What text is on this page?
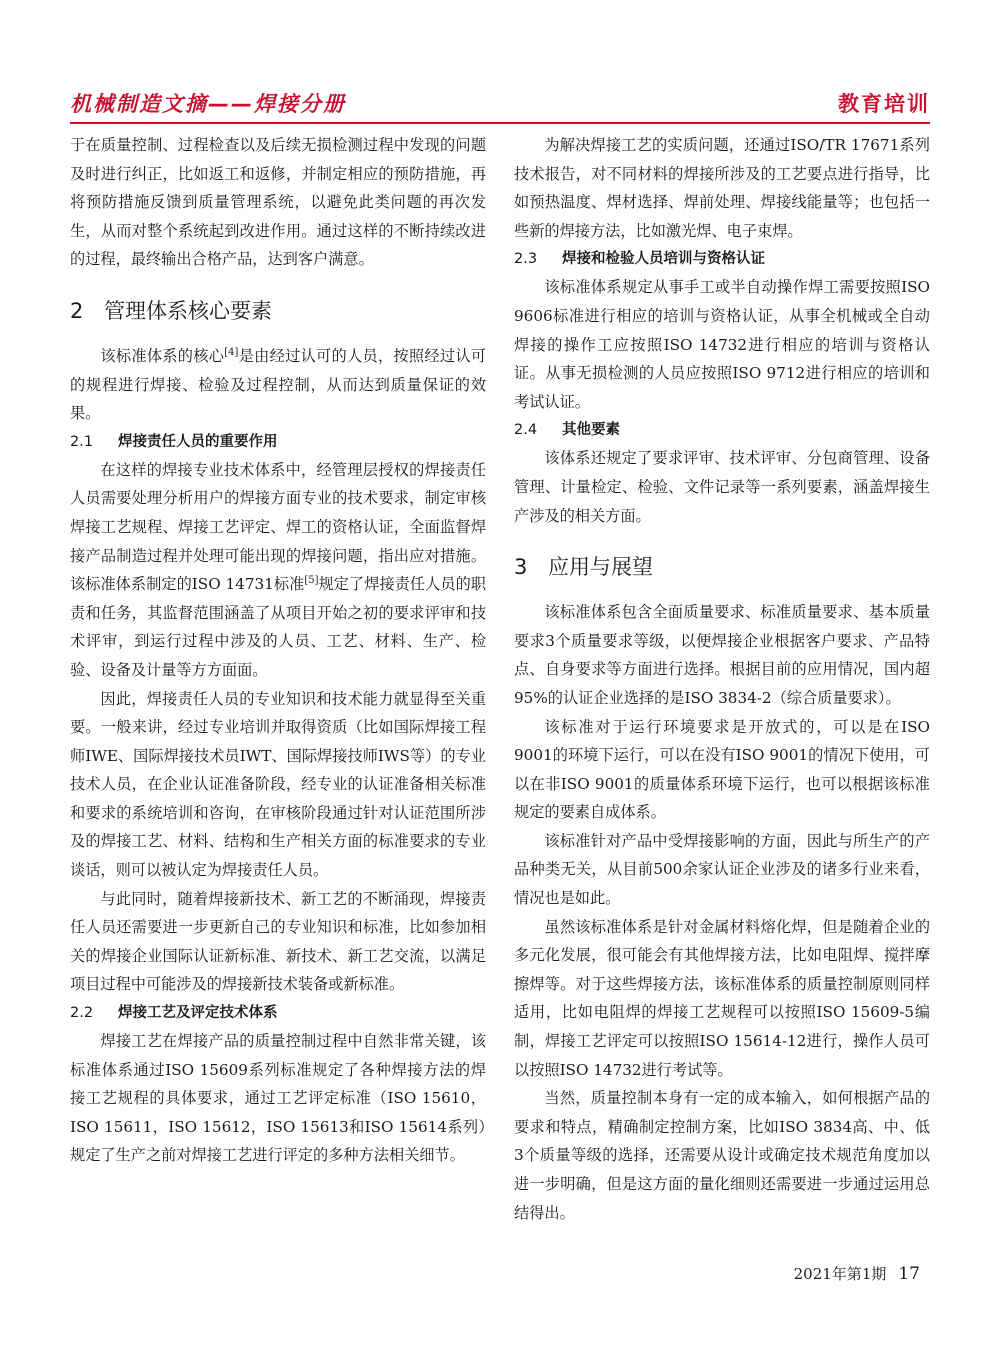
机械制造文摘——焊接分册	教育培训

于在质量控制、过程检查以及后续无损检测过程中发现的问题及时进行纠正，比如返工和返修，并制定相应的预防措施，再将预防措施反馈到质量管理系统，以避免此类问题的再次发生，从而对整个系统起到改进作用。通过这样的不断持续改进的过程，最终输出合格产品，达到客户满意。

2 管理体系核心要素

该标准体系的核心[4]是由经过认可的人员，按照经过认可的规程进行焊接、检验及过程控制，从而达到质量保证的效果。

2.1 焊接责任人员的重要作用

在这样的焊接专业技术体系中，经管理层授权的焊接责任人员需要处理分析用户的焊接方面专业的技术要求，制定审核焊接工艺规程、焊接工艺评定、焊工的资格认证，全面监督焊接产品制造过程并处理可能出现的焊接问题，指出应对措施。该标准体系制定的ISO 14731标准[5]规定了焊接责任人员的职责和任务，其监督范围涵盖了从项目开始之初的要求评审和技术评审，到运行过程中涉及的人员、工艺、材料、生产、检验、设备及计量等方方面面。

因此，焊接责任人员的专业知识和技术能力就显得至关重要。一般来讲，经过专业培训并取得资质（比如国际焊接工程师IWE、国际焊接技术员IWT、国际焊接技师IWS等）的专业技术人员，在企业认证准备阶段，经专业的认证准备相关标准和要求的系统培训和咨询，在审核阶段通过针对认证范围所涉及的焊接工艺、材料、结构和生产相关方面的标准要求的专业谈话，则可以被认定为焊接责任人员。

与此同时，随着焊接新技术、新工艺的不断涌现，焊接责任人员还需要进一步更新自己的专业知识和标准，比如参加相关的焊接企业国际认证新标准、新技术、新工艺交流，以满足项目过程中可能涉及的焊接新技术装备或新标准。

2.2 焊接工艺及评定技术体系

焊接工艺在焊接产品的质量控制过程中自然非常关键，该标准体系通过ISO 15609系列标准规定了各种焊接方法的焊接工艺规程的具体要求，通过工艺评定标准（ISO 15610，ISO 15611，ISO 15612，ISO 15613和ISO 15614系列）规定了生产之前对焊接工艺进行评定的多种方法相关细节。

为解决焊接工艺的实质问题，还通过ISO/TR 17671系列技术报告，对不同材料的焊接所涉及的工艺要点进行指导，比如预热温度、焊材选择、焊前处理、焊接线能量等；也包括一些新的焊接方法，比如激光焊、电子束焊。

2.3 焊接和检验人员培训与资格认证

该标准体系规定从事手工或半自动操作焊工需要按照ISO 9606标准进行相应的培训与资格认证，从事全机械或全自动焊接的操作工应按照ISO 14732进行相应的培训与资格认证。从事无损检测的人员应按照ISO 9712进行相应的培训和考试认证。

2.4 其他要素

该体系还规定了要求评审、技术评审、分包商管理、设备管理、计量检定、检验、文件记录等一系列要素，涵盖焊接生产涉及的相关方面。

3 应用与展望

该标准体系包含全面质量要求、标准质量要求、基本质量要求3个质量要求等级，以便焊接企业根据客户要求、产品特点、自身要求等方面进行选择。根据目前的应用情况，国内超95%的认证企业选择的是ISO 3834-2（综合质量要求）。

该标准对于运行环境要求是开放式的，可以是在ISO 9001的环境下运行，可以在没有ISO 9001的情况下使用，可以在非ISO 9001的质量体系环境下运行，也可以根据该标准规定的要素自成体系。

该标准针对产品中受焊接影响的方面，因此与所生产的产品种类无关，从目前500余家认证企业涉及的诸多行业来看，情况也是如此。

虽然该标准体系是针对金属材料熔化焊，但是随着企业的多元化发展，很可能会有其他焊接方法，比如电阻焊、搅拌摩擦焊等。对于这些焊接方法，该标准体系的质量控制原则同样适用，比如电阻焊的焊接工艺规程可以按照ISO 15609-5编制，焊接工艺评定可以按照ISO 15614-12进行，操作人员可以按照ISO 14732进行考试等。

当然，质量控制本身有一定的成本输入，如何根据产品的要求和特点，精确制定控制方案，比如ISO 3834高、中、低3个质量等级的选择，还需要从设计或确定技术规范角度加以进一步明确，但是这方面的量化细则还需要进一步通过运用总结得出。

2021年第1期 17
